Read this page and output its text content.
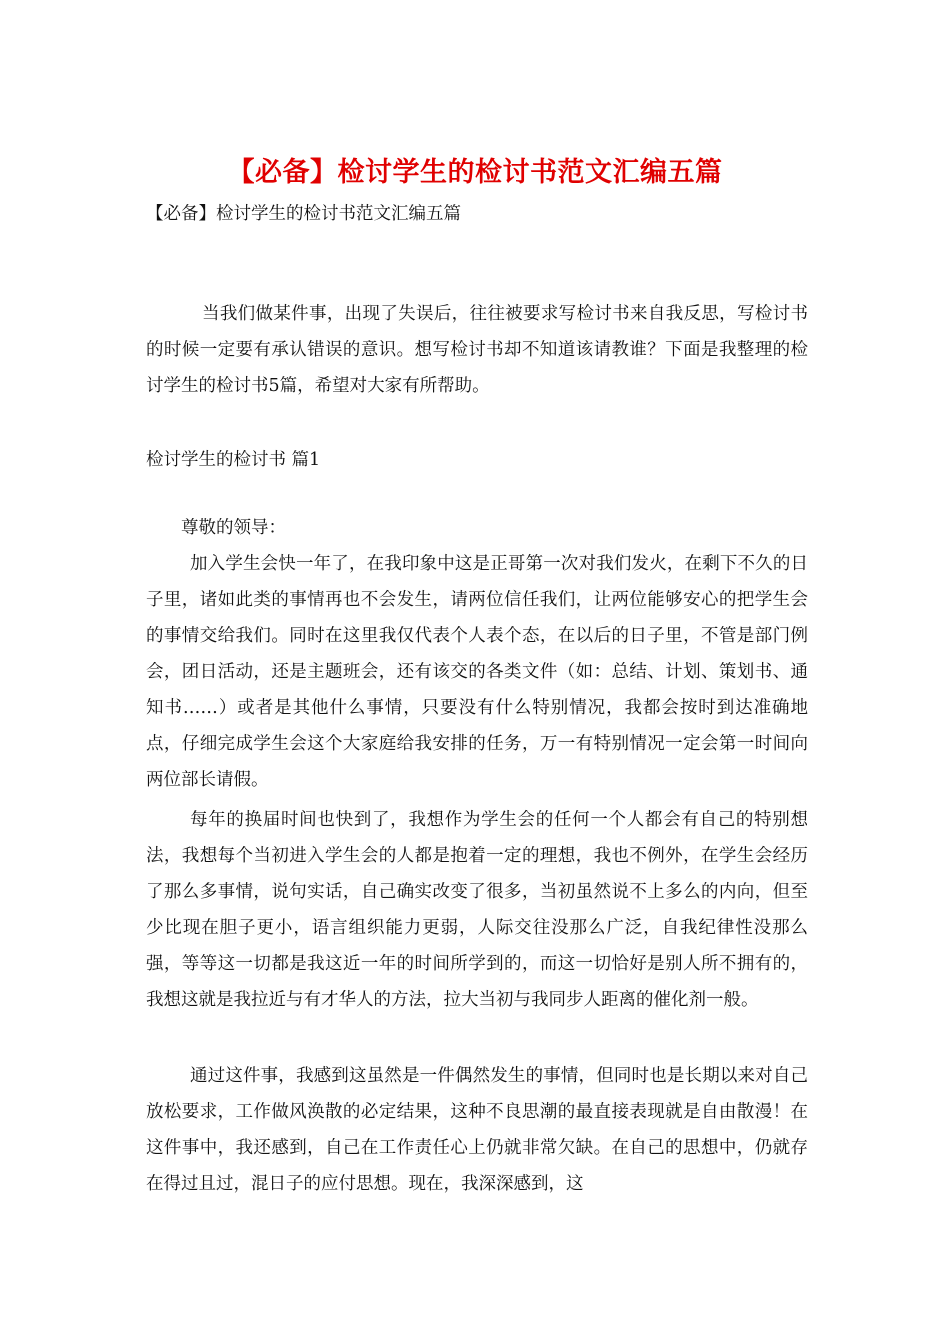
【必备】检讨学生的检讨书范文汇编五篇
【必备】检讨学生的检讨书范文汇编五篇

当我们做某件事，出现了失误后，往往被要求写检讨书来自我反思，写检讨书的时候一定要有承认错误的意识。想写检讨书却不知道该请教谁？下面是我整理的检讨学生的检讨书5篇，希望对大家有所帮助。

检讨学生的检讨书 篇1
尊敬的领导：

加入学生会快一年了，在我印象中这是正哥第一次对我们发火，在剩下不久的日子里，诸如此类的事情再也不会发生，请两位信任我们，让两位能够安心的把学生会的事情交给我们。同时在这里我仅代表个人表个态，在以后的日子里，不管是部门例会，团日活动，还是主题班会，还有该交的各类文件（如：总结、计划、策划书、通知书……）或者是其他什么事情，只要没有什么特别情况，我都会按时到达准确地点，仔细完成学生会这个大家庭给我安排的任务，万一有特别情况一定会第一时间向两位部长请假。

每年的换届时间也快到了，我想作为学生会的任何一个人都会有自己的特别想法，我想每个当初进入学生会的人都是抱着一定的理想，我也不例外，在学生会经历了那么多事情，说句实话，自己确实改变了很多，当初虽然说不上多么的内向，但至少比现在胆子更小，语言组织能力更弱，人际交往没那么广泛，自我纪律性没那么强，等等这一切都是我这近一年的时间所学到的，而这一切恰好是别人所不拥有的，我想这就是我拉近与有才华人的方法，拉大当初与我同步人距离的催化剂一般。

通过这件事，我感到这虽然是一件偶然发生的事情，但同时也是长期以来对自己放松要求，工作做风涣散的必定结果，这种不良思潮的最直接表现就是自由散漫！在这件事中，我还感到，自己在工作责任心上仍就非常欠缺。在自己的思想中，仍就存在得过且过，混日子的应付思想。现在，我深深感到，这
